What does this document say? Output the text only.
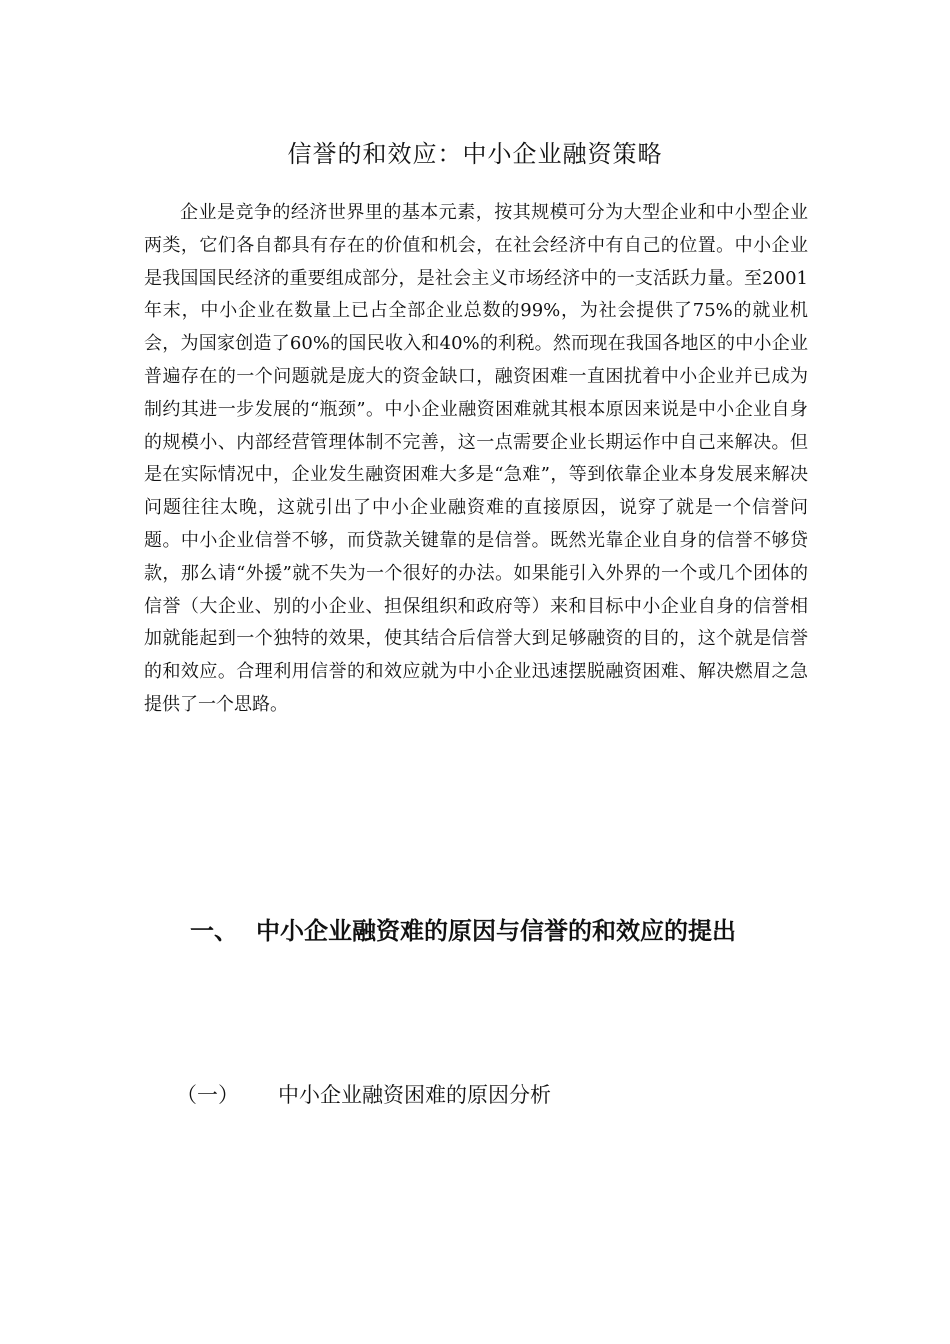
信誉的和效应：中小企业融资策略

企业是竞争的经济世界里的基本元素，按其规模可分为大型企业和中小型企业两类，它们各自都具有存在的价值和机会，在社会经济中有自己的位置。中小企业是我国国民经济的重要组成部分，是社会主义市场经济中的一支活跃力量。至2001年末，中小企业在数量上已占全部企业总数的99%，为社会提供了75%的就业机会，为国家创造了60%的国民收入和40%的利税。然而现在我国各地区的中小企业普遍存在的一个问题就是庞大的资金缺口，融资困难一直困扰着中小企业并已成为制约其进一步发展的“瓶颈”。中小企业融资困难就其根本原因来说是中小企业自身的规模小、内部经营管理体制不完善，这一点需要企业长期运作中自己来解决。但是在实际情况中，企业发生融资困难大多是“急难”，等到依靠企业本身发展来解决问题往往太晚，这就引出了中小企业融资难的直接原因，说穿了就是一个信誉问题。中小企业信誉不够，而贷款关键靠的是信誉。既然光靠企业自身的信誉不够贷款，那么请“外援”就不失为一个很好的办法。如果能引入外界的一个或几个团体的信誉（大企业、别的小企业、担保组织和政府等）来和目标中小企业自身的信誉相加就能起到一个独特的效果，使其结合后信誉大到足够融资的目的，这个就是信誉的和效应。合理利用信誉的和效应就为中小企业迅速摆脱融资困难、解决燃眉之急提供了一个思路。

一、 中小企业融资难的原因与信誉的和效应的提出
（一） 中小企业融资困难的原因分析
